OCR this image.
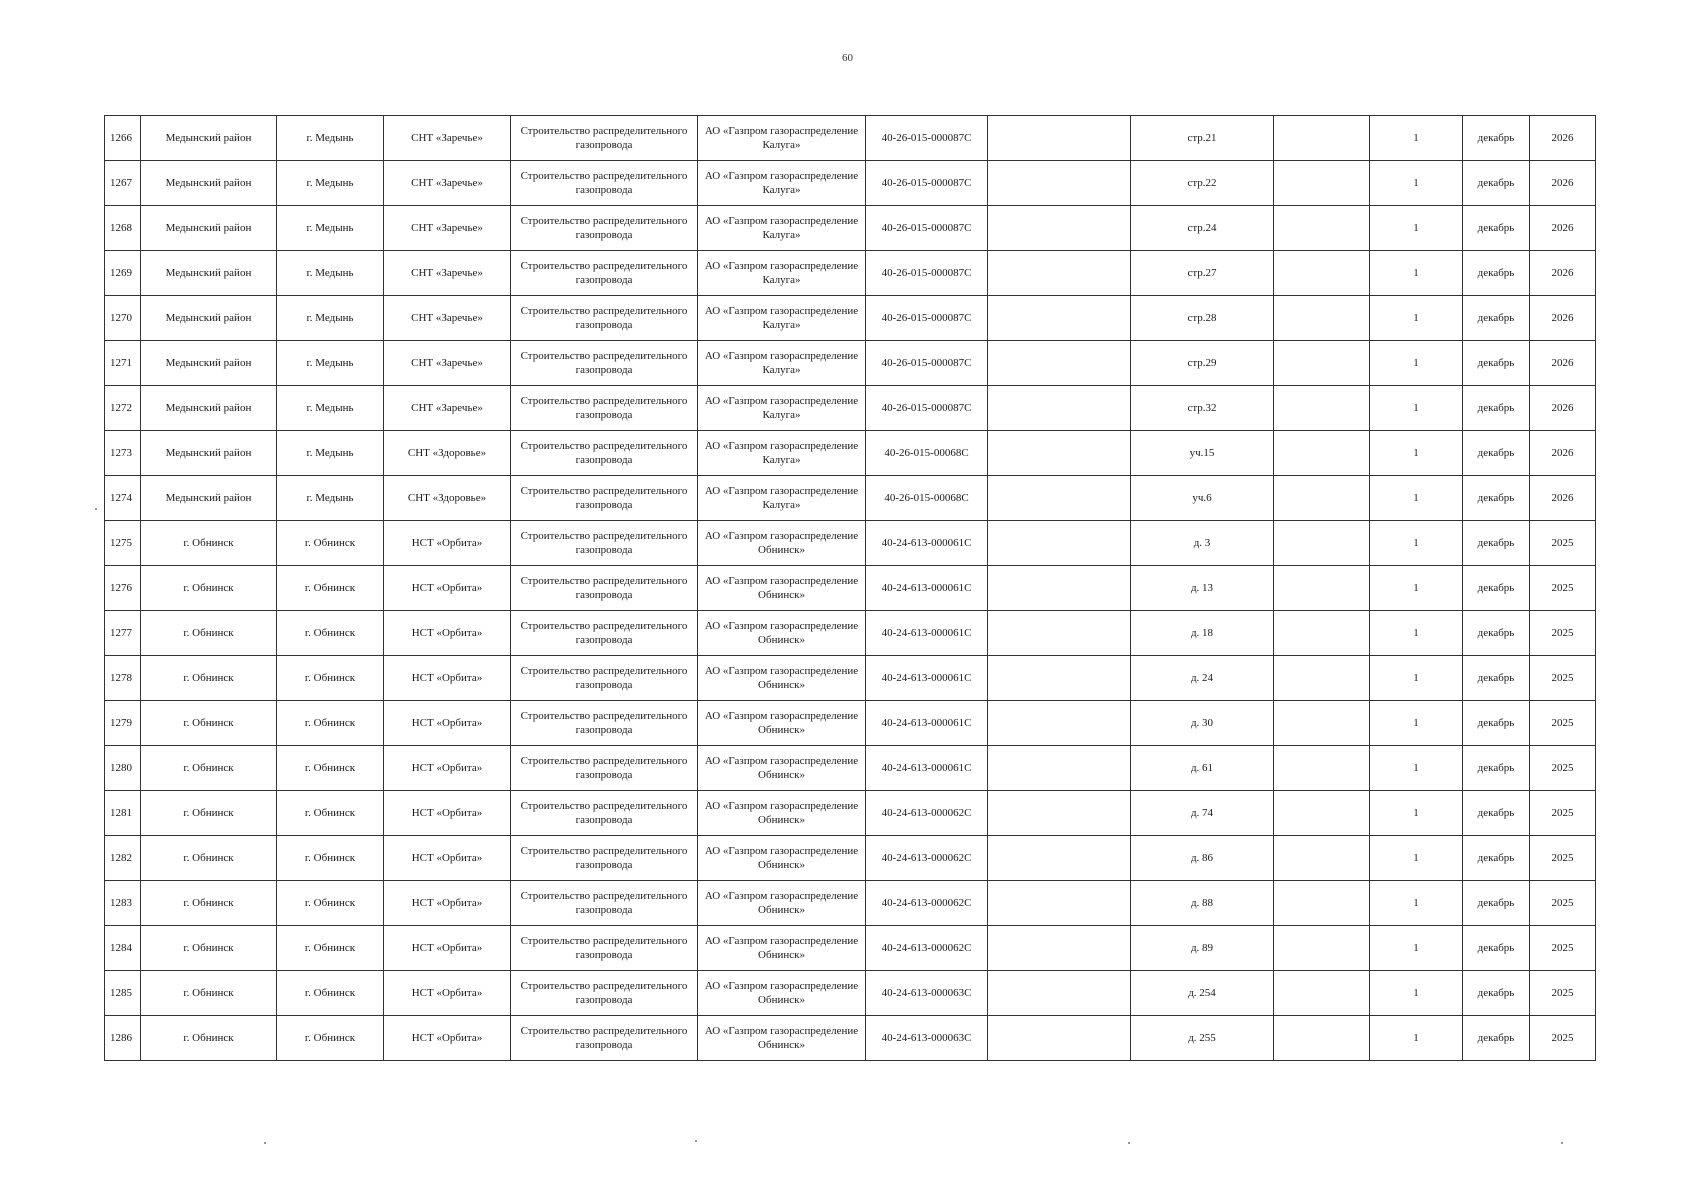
60
1266	Медынский район	г. Медынь	СНТ «Заречье»	Строительство распределительного газопровода	АО «Газпром газораспределение Калуга»	40-26-015-000087С		стр.21		1	декабрь	2026
1267	Медынский район	г. Медынь	СНТ «Заречье»	Строительство распределительного газопровода	АО «Газпром газораспределение Калуга»	40-26-015-000087С		стр.22		1	декабрь	2026
1268	Медынский район	г. Медынь	СНТ «Заречье»	Строительство распределительного газопровода	АО «Газпром газораспределение Калуга»	40-26-015-000087С		стр.24		1	декабрь	2026
1269	Медынский район	г. Медынь	СНТ «Заречье»	Строительство распределительного газопровода	АО «Газпром газораспределение Калуга»	40-26-015-000087С		стр.27		1	декабрь	2026
1270	Медынский район	г. Медынь	СНТ «Заречье»	Строительство распределительного газопровода	АО «Газпром газораспределение Калуга»	40-26-015-000087С		стр.28		1	декабрь	2026
1271	Медынский район	г. Медынь	СНТ «Заречье»	Строительство распределительного газопровода	АО «Газпром газораспределение Калуга»	40-26-015-000087С		стр.29		1	декабрь	2026
1272	Медынский район	г. Медынь	СНТ «Заречье»	Строительство распределительного газопровода	АО «Газпром газораспределение Калуга»	40-26-015-000087С		стр.32		1	декабрь	2026
1273	Медынский район	г. Медынь	СНТ «Здоровье»	Строительство распределительного газопровода	АО «Газпром газораспределение Калуга»	40-26-015-00068С		уч.15		1	декабрь	2026
1274	Медынский район	г. Медынь	СНТ «Здоровье»	Строительство распределительного газопровода	АО «Газпром газораспределение Калуга»	40-26-015-00068С		уч.6		1	декабрь	2026
1275	г. Обнинск	г. Обнинск	НСТ «Орбита»	Строительство распределительного газопровода	АО «Газпром газораспределение Обнинск»	40-24-613-000061С		д. 3		1	декабрь	2025
1276	г. Обнинск	г. Обнинск	НСТ «Орбита»	Строительство распределительного газопровода	АО «Газпром газораспределение Обнинск»	40-24-613-000061С		д. 13		1	декабрь	2025
1277	г. Обнинск	г. Обнинск	НСТ «Орбита»	Строительство распределительного газопровода	АО «Газпром газораспределение Обнинск»	40-24-613-000061С		д. 18		1	декабрь	2025
1278	г. Обнинск	г. Обнинск	НСТ «Орбита»	Строительство распределительного газопровода	АО «Газпром газораспределение Обнинск»	40-24-613-000061С		д. 24		1	декабрь	2025
1279	г. Обнинск	г. Обнинск	НСТ «Орбита»	Строительство распределительного газопровода	АО «Газпром газораспределение Обнинск»	40-24-613-000061С		д. 30		1	декабрь	2025
1280	г. Обнинск	г. Обнинск	НСТ «Орбита»	Строительство распределительного газопровода	АО «Газпром газораспределение Обнинск»	40-24-613-000061С		д. 61		1	декабрь	2025
1281	г. Обнинск	г. Обнинск	НСТ «Орбита»	Строительство распределительного газопровода	АО «Газпром газораспределение Обнинск»	40-24-613-000062С		д. 74		1	декабрь	2025
1282	г. Обнинск	г. Обнинск	НСТ «Орбита»	Строительство распределительного газопровода	АО «Газпром газораспределение Обнинск»	40-24-613-000062С		д. 86		1	декабрь	2025
1283	г. Обнинск	г. Обнинск	НСТ «Орбита»	Строительство распределительного газопровода	АО «Газпром газораспределение Обнинск»	40-24-613-000062С		д. 88		1	декабрь	2025
1284	г. Обнинск	г. Обнинск	НСТ «Орбита»	Строительство распределительного газопровода	АО «Газпром газораспределение Обнинск»	40-24-613-000062С		д. 89		1	декабрь	2025
1285	г. Обнинск	г. Обнинск	НСТ «Орбита»	Строительство распределительного газопровода	АО «Газпром газораспределение Обнинск»	40-24-613-000063С		д. 254		1	декабрь	2025
1286	г. Обнинск	г. Обнинск	НСТ «Орбита»	Строительство распределительного газопровода	АО «Газпром газораспределение Обнинск»	40-24-613-000063С		д. 255		1	декабрь	2025
